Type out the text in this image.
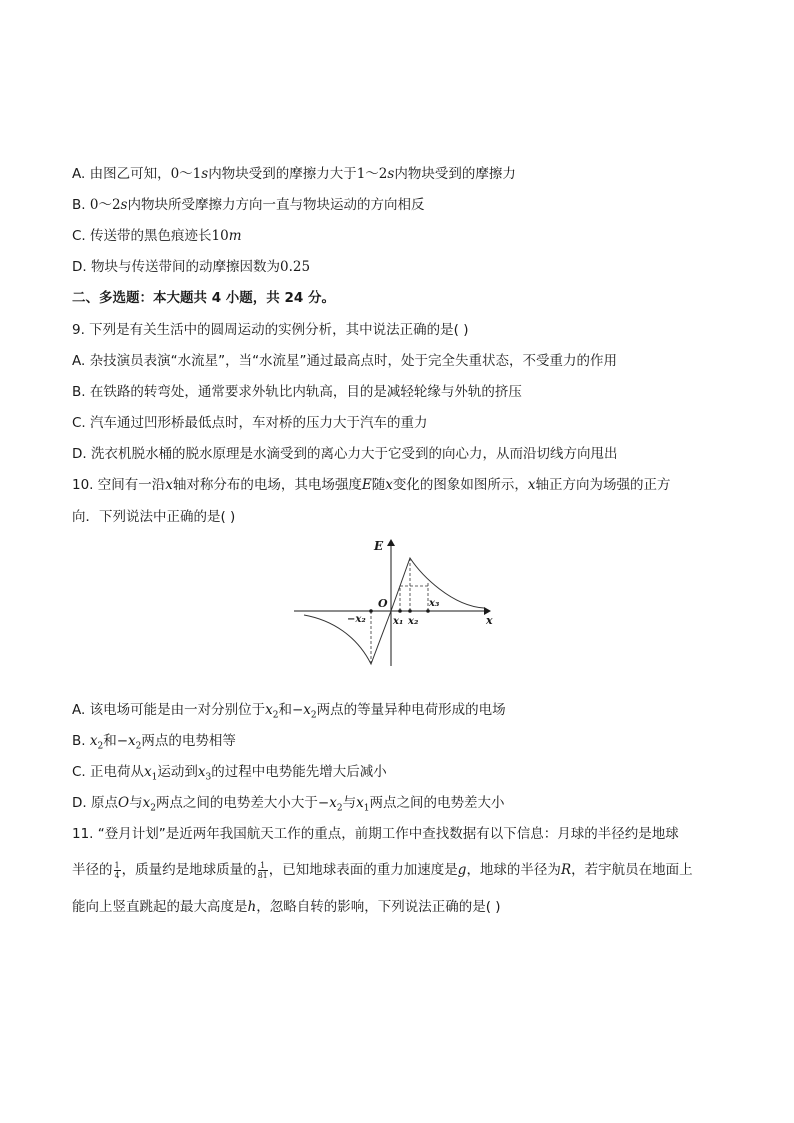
A. 由图乙可知，0～1s内物块受到的摩擦力大于1～2s内物块受到的摩擦力
B. 0～2s内物块所受摩擦力方向一直与物块运动的方向相反
C. 传送带的黑色痕迹长10m
D. 物块与传送带间的动摩擦因数为0.25
二、多选题：本大题共 4 小题，共 24 分。
9. 下列是有关生活中的圆周运动的实例分析，其中说法正确的是( )
A. 杂技演员表演“水流星”，当“水流星”通过最高点时，处于完全失重状态，不受重力的作用
B. 在铁路的转弯处，通常要求外轨比内轨高，目的是减轻轮缘与外轨的挤压
C. 汽车通过凹形桥最低点时，车对桥的压力大于汽车的重力
D. 洗衣机脱水桶的脱水原理是水滴受到的离心力大于它受到的向心力，从而沿切线方向甩出
10. 空间有一沿x轴对称分布的电场，其电场强度E随x变化的图象如图所示，x轴正方向为场强的正方
向．下列说法中正确的是( )
E
x
O
−x₂	x₁ x₂
x₃
A. 该电场可能是由一对分别位于$x_2$和$-x_2$两点的等量异种电荷形成的电场
B. $x_2$和$-x_2$两点的电势相等
C. 正电荷从$x_1$运动到$x_3$的过程中电势能先增大后减小
D. 原点O与$x_2$两点之间的电势差大小大于$-x_2$与$x_1$两点之间的电势差大小
11. “登月计划”是近两年我国航天工作的重点，前期工作中查找数据有以下信息：月球的半径约是地球
半径的 $\frac{1}{4}$ ，质量约是地球质量的 $\frac{1}{81}$ ，已知地球表面的重力加速度是g，地球的半径为R，若宇航员在地面上
能向上竖直跳起的最大高度是h，忽略自转的影响，下列说法正确的是( )
